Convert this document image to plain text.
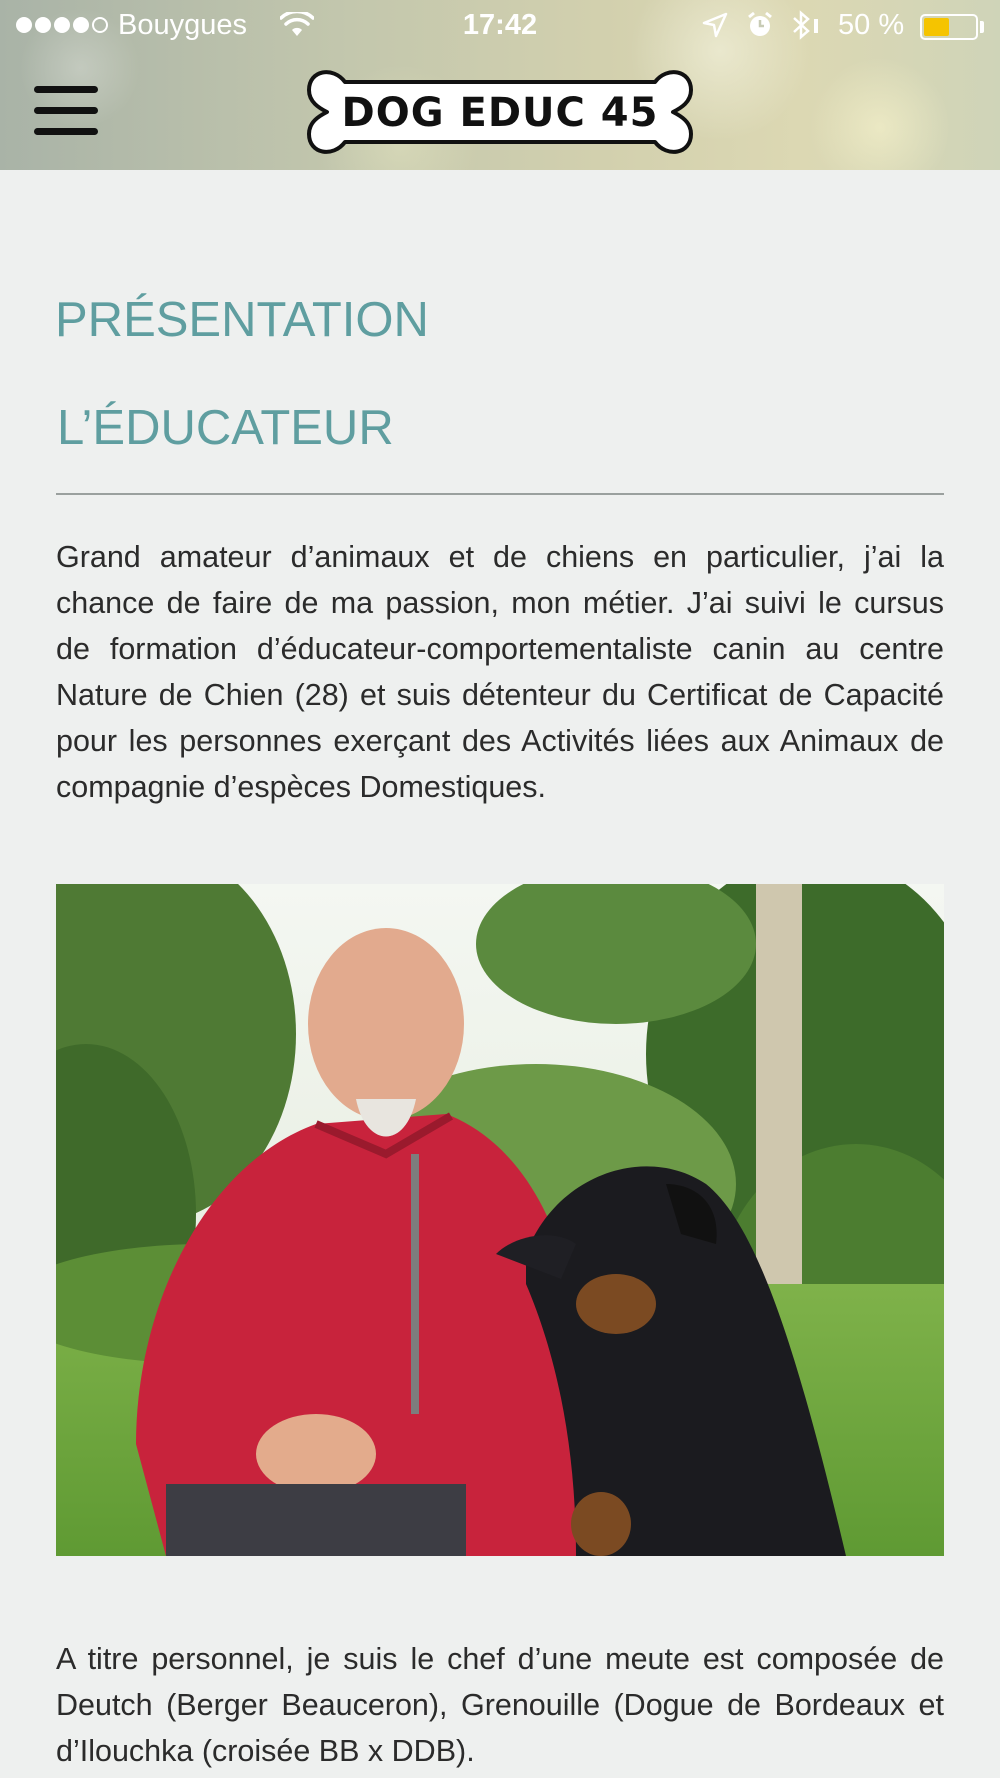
Bouygues	17:42	50 %
DOG EDUC 45
PRÉSENTATION
L’ÉDUCATEUR

Grand amateur d’animaux et de chiens en particulier, j’ai la chance de faire de ma passion, mon métier. J’ai suivi le cursus de formation d’éducateur-comportementaliste canin au centre Nature de Chien (28) et suis détenteur du Certificat de Capacité pour les personnes exerçant des Activités liées aux Animaux de compagnie d’espèces Domestiques.

A titre personnel, je suis le chef d’une meute est composée de Deutch (Berger Beauceron), Grenouille (Dogue de Bordeaux et d’Ilouchka (croisée BB x DDB).
